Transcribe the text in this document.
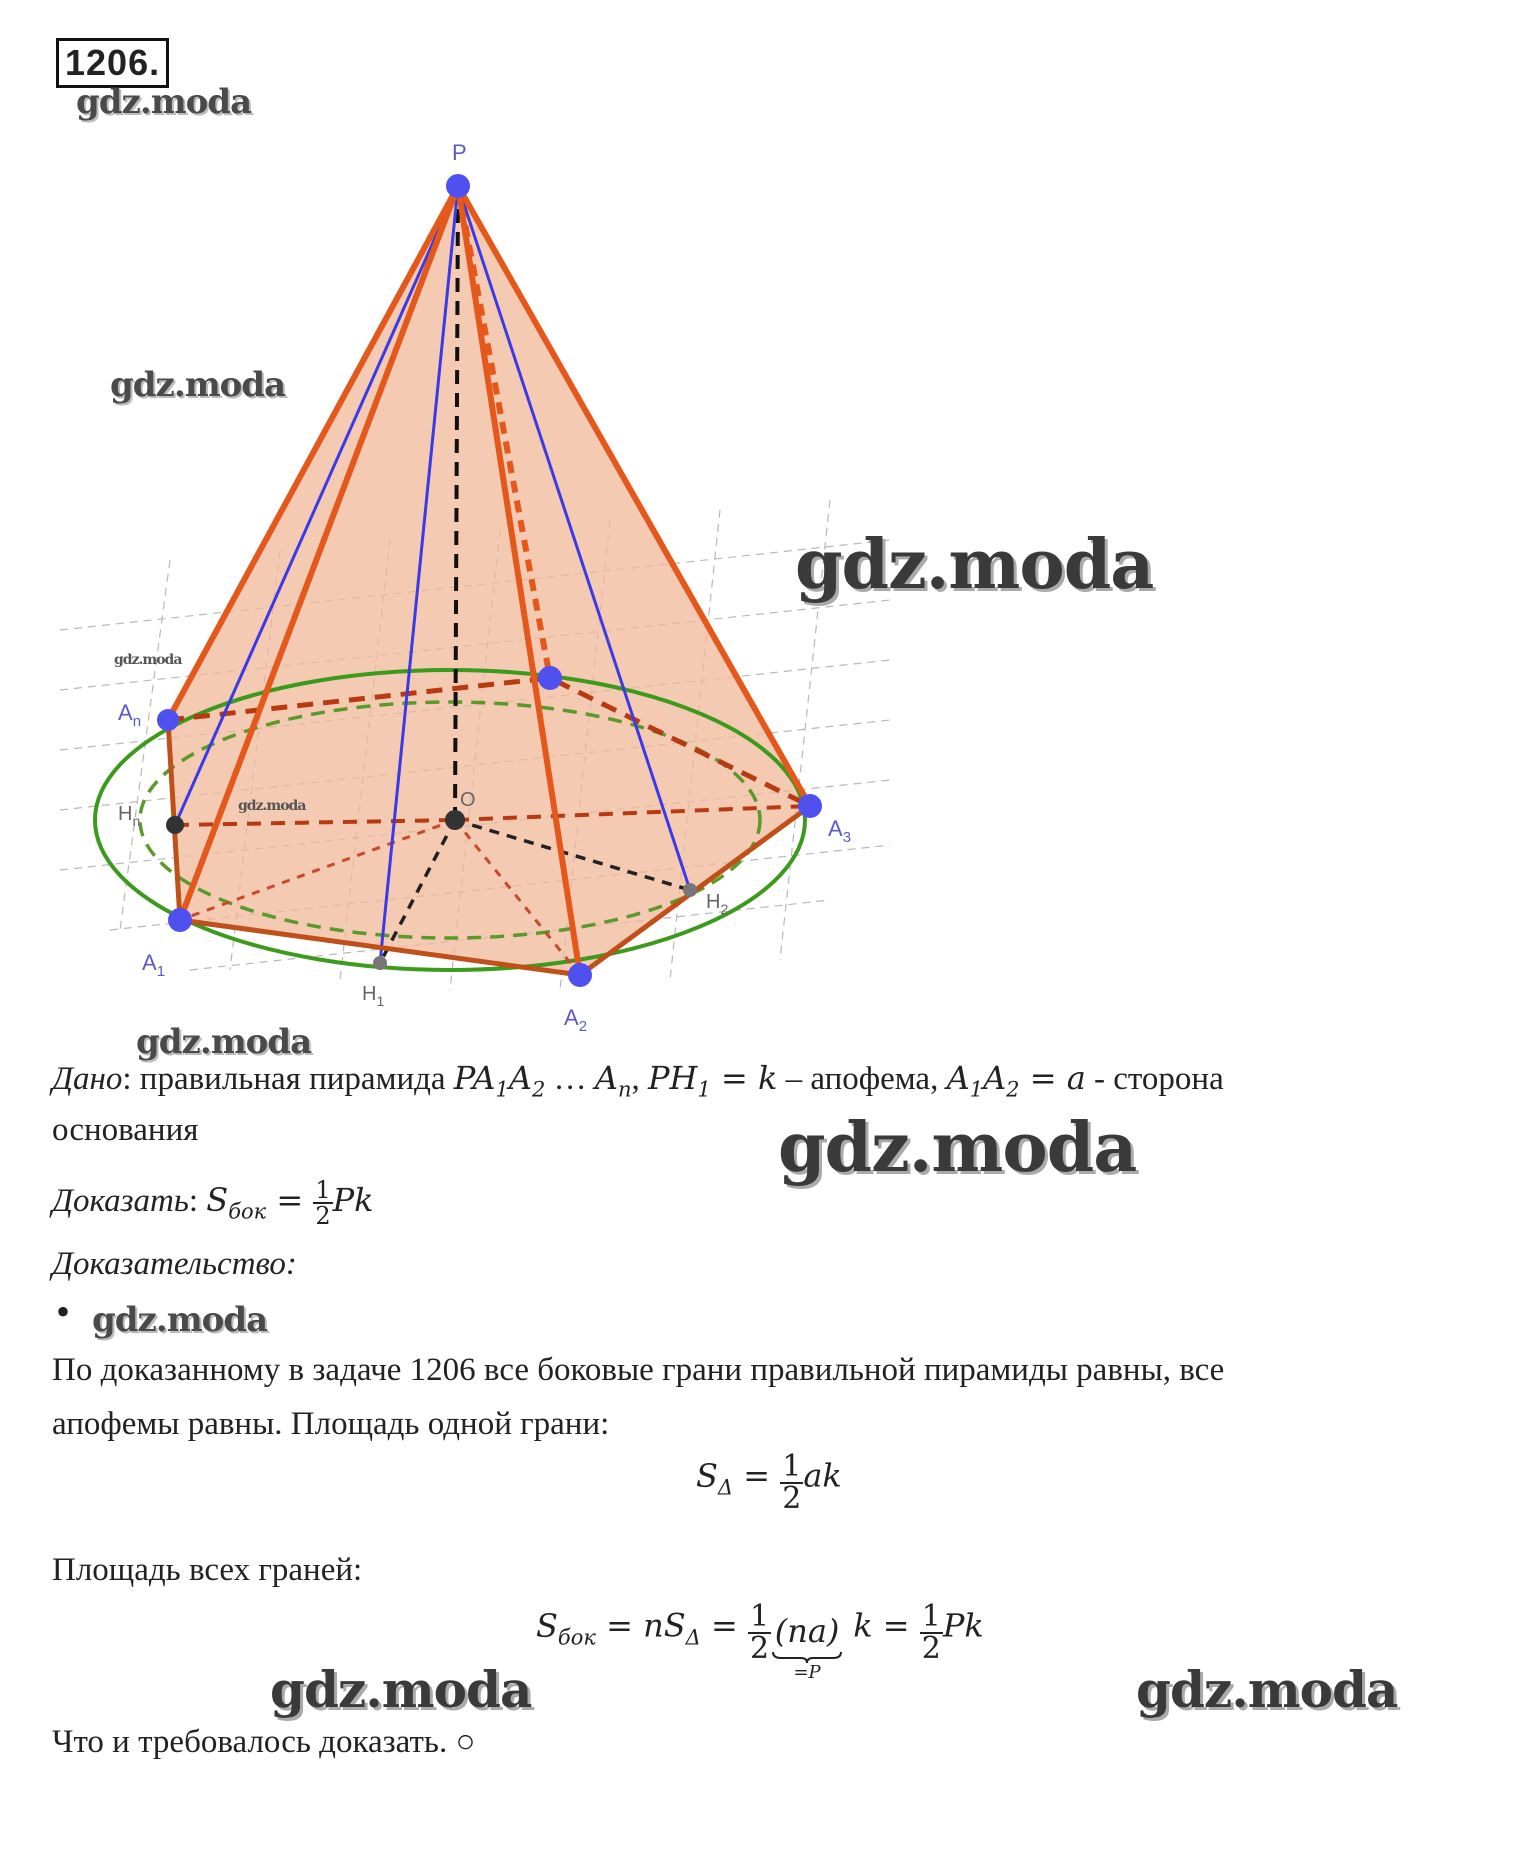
1206.
P
$A_n$
$A_1$
$A_2$
$A_3$
O
$H_n$
$H_1$
$H_2$
gdz.moda
gdz.moda
gdz.moda
gdz.moda
gdz.moda
gdz.moda
gdz.moda
gdz.moda
gdz.moda	gdz.moda
Дано: правильная пирамида $PA_1A_2$ … $A_n$, $PH_1 = k$ – апофема, $A_1A_2 = a$ - сторона
основания
Доказать: $S_{бок} = \frac{1}{2}$ Pk
Доказательство:
•
По доказанному в задаче 1206 все боковые грани правильной пирамиды равны, все
апофемы равны. Площадь одной грани:
$S_\Delta = \frac{1}{2}$ ak
Площадь всех граней:
$S_{бок} = nS_\Delta = \frac{1}{2} (na)$
=P
$k = \frac{1}{2}$ Pk
Что и требовалось доказать. ○
